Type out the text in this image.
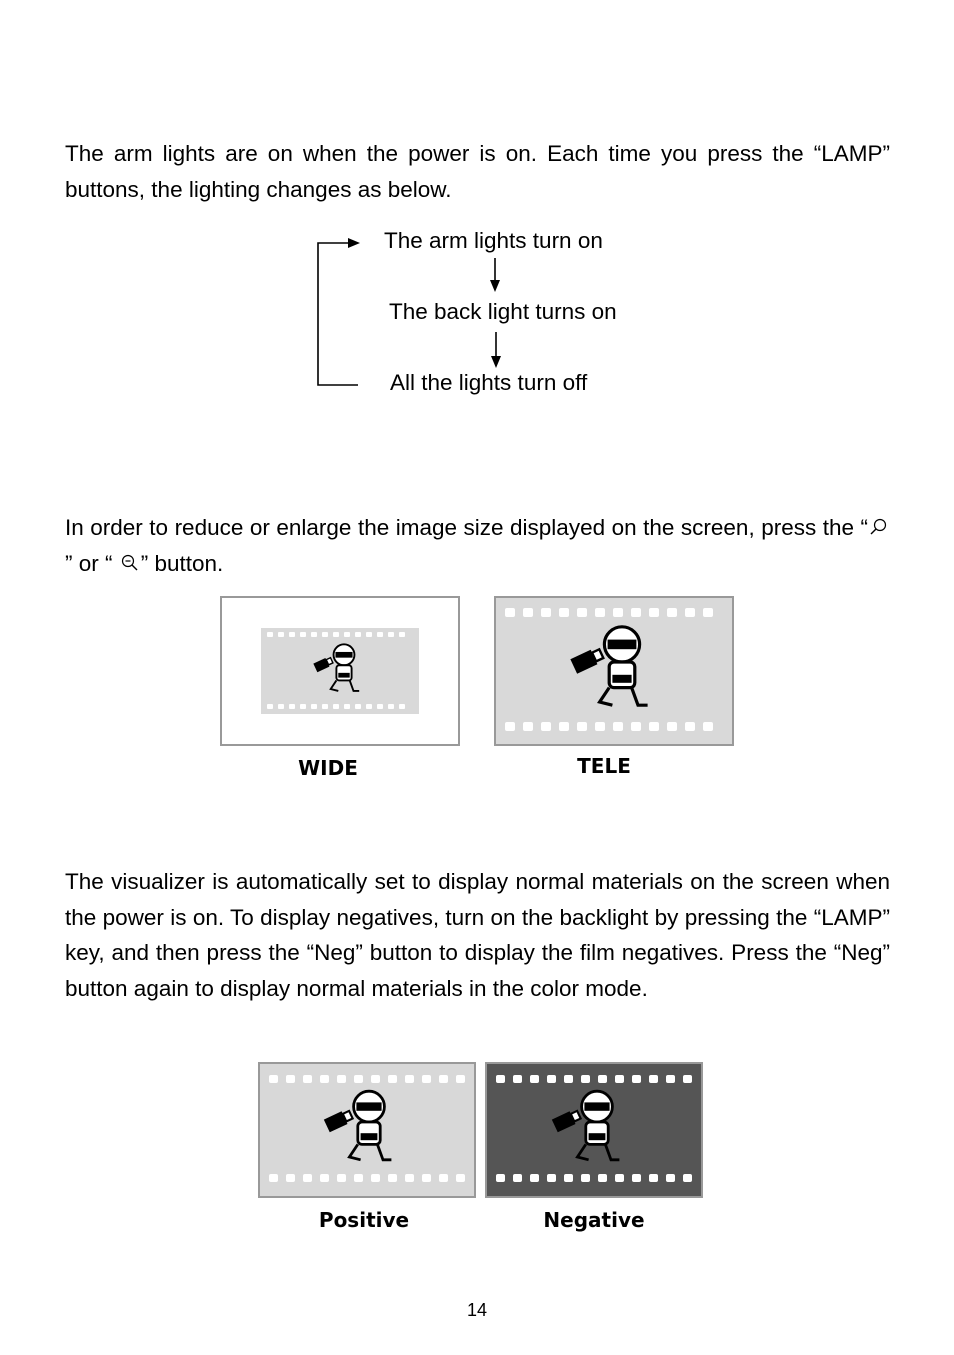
The arm lights are on when the power is on. Each time you press the “LAMP” buttons, the lighting changes as below.

The arm lights turn on
The back light turns on
All the lights turn off

In order to reduce or enlarge the image size displayed on the screen, press the “ ” or “ ” button.

WIDE	TELE

The visualizer is automatically set to display normal materials on the screen when the power is on. To display negatives, turn on the backlight by pressing the “LAMP” key, and then press the “Neg” button to display the film negatives. Press the “Neg” button again to display normal materials in the color mode.

Positive	Negative
14
